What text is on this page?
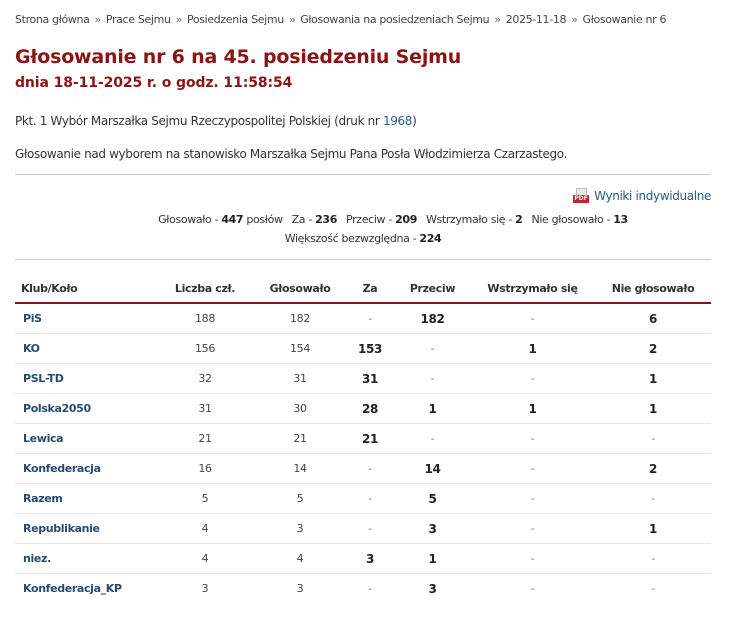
Strona główna » Prace Sejmu » Posiedzenia Sejmu » Głosowania na posiedzeniach Sejmu » 2025-11-18 » Głosowanie nr 6
Głosowanie nr 6 na 45. posiedzeniu Sejmu
dnia 18-11-2025 r. o godz. 11:58:54
Pkt. 1 Wybór Marszałka Sejmu Rzeczypospolitej Polskiej (druk nr 1968)
Głosowanie nad wyborem na stanowisko Marszałka Sejmu Pana Posła Włodzimierza Czarzastego.
PDF Wyniki indywidualne
Głosowało - 447 posłów Za - 236 Przeciw - 209 Wstrzymało się - 2 Nie głosowało - 13
Większość bezwzględna - 224
Klub/Koło	Liczba czł.	Głosowało	Za	Przeciw	Wstrzymało się	Nie głosowało
PiS	188	182	-	182	-	6
KO	156	154	153	-	1	2
PSL-TD	32	31	31	-	-	1
Polska2050	31	30	28	1	1	1
Lewica	21	21	21	-	-	-
Konfederacja	16	14	-	14	-	2
Razem	5	5	-	5	-	-
Republikanie	4	3	-	3	-	1
niez.	4	4	3	1	-	-
Konfederacja_KP	3	3	-	3	-	-
